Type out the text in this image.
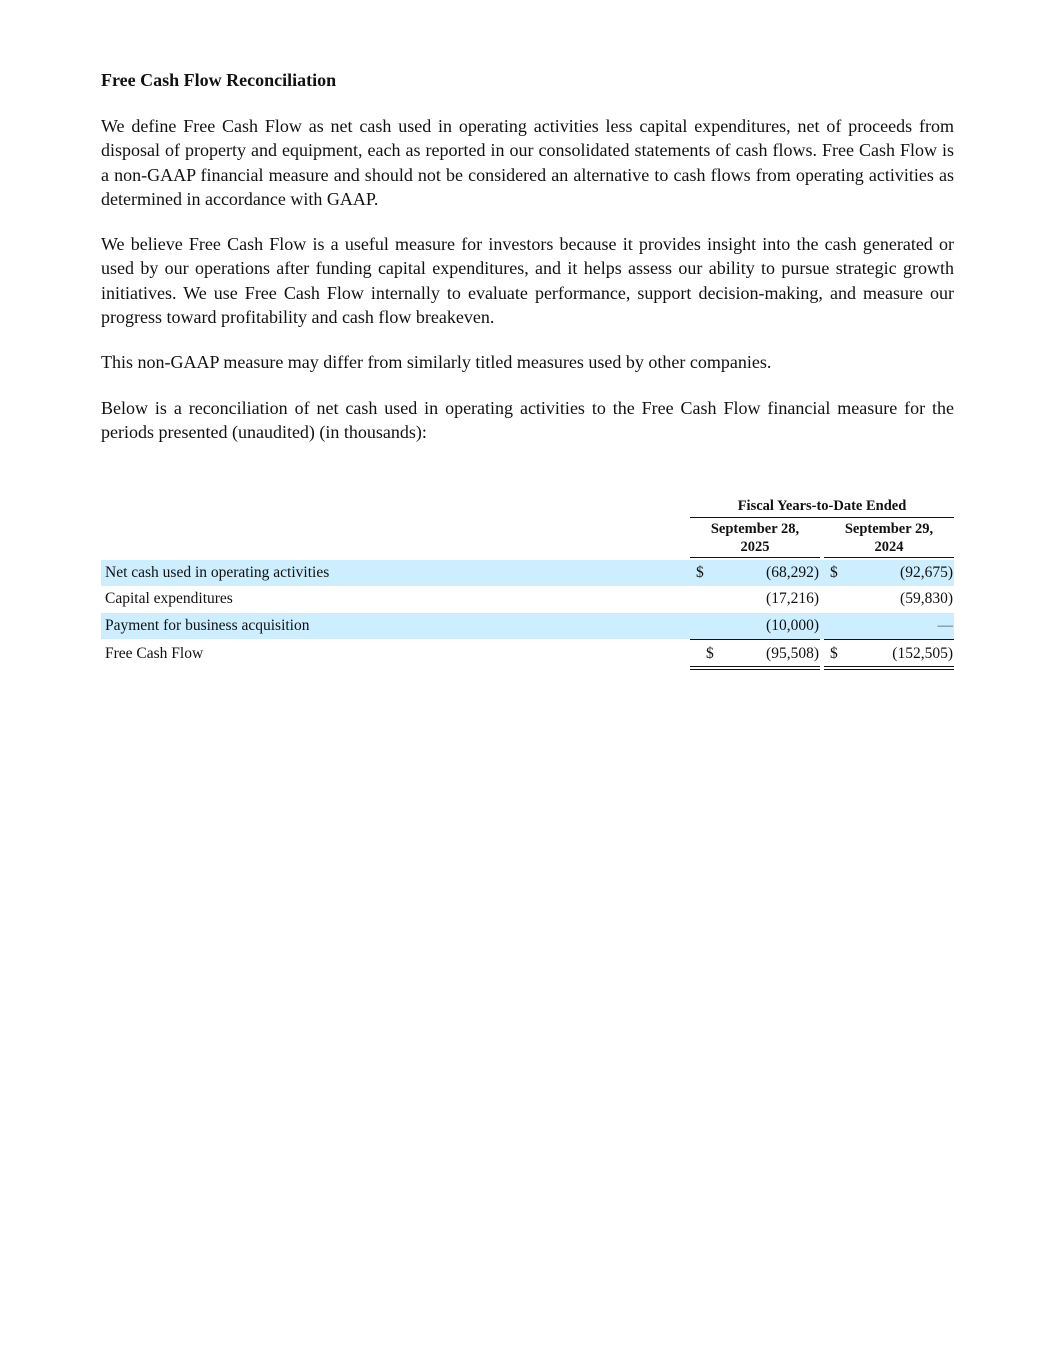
Free Cash Flow Reconciliation

We define Free Cash Flow as net cash used in operating activities less capital expenditures, net of proceeds from disposal of property and equipment, each as reported in our consolidated statements of cash flows. Free Cash Flow is a non-GAAP financial measure and should not be considered an alternative to cash flows from operating activities as determined in accordance with GAAP.

We believe Free Cash Flow is a useful measure for investors because it provides insight into the cash generated or used by our operations after funding capital expenditures, and it helps assess our ability to pursue strategic growth initiatives. We use Free Cash Flow internally to evaluate performance, support decision-making, and measure our progress toward profitability and cash flow breakeven.

This non-GAAP measure may differ from similarly titled measures used by other companies.

Below is a reconciliation of net cash used in operating activities to the Free Cash Flow financial measure for the periods presented (unaudited) (in thousands):

Fiscal Years-to-Date Ended
September 28,
2025
September 29,
2024
Net cash used in operating activities	$	(68,292) $	(92,675)
Capital expenditures	(17,216)	(59,830)
Payment for business acquisition	(10,000)	—
Free Cash Flow	$	(95,508) $	(152,505)
